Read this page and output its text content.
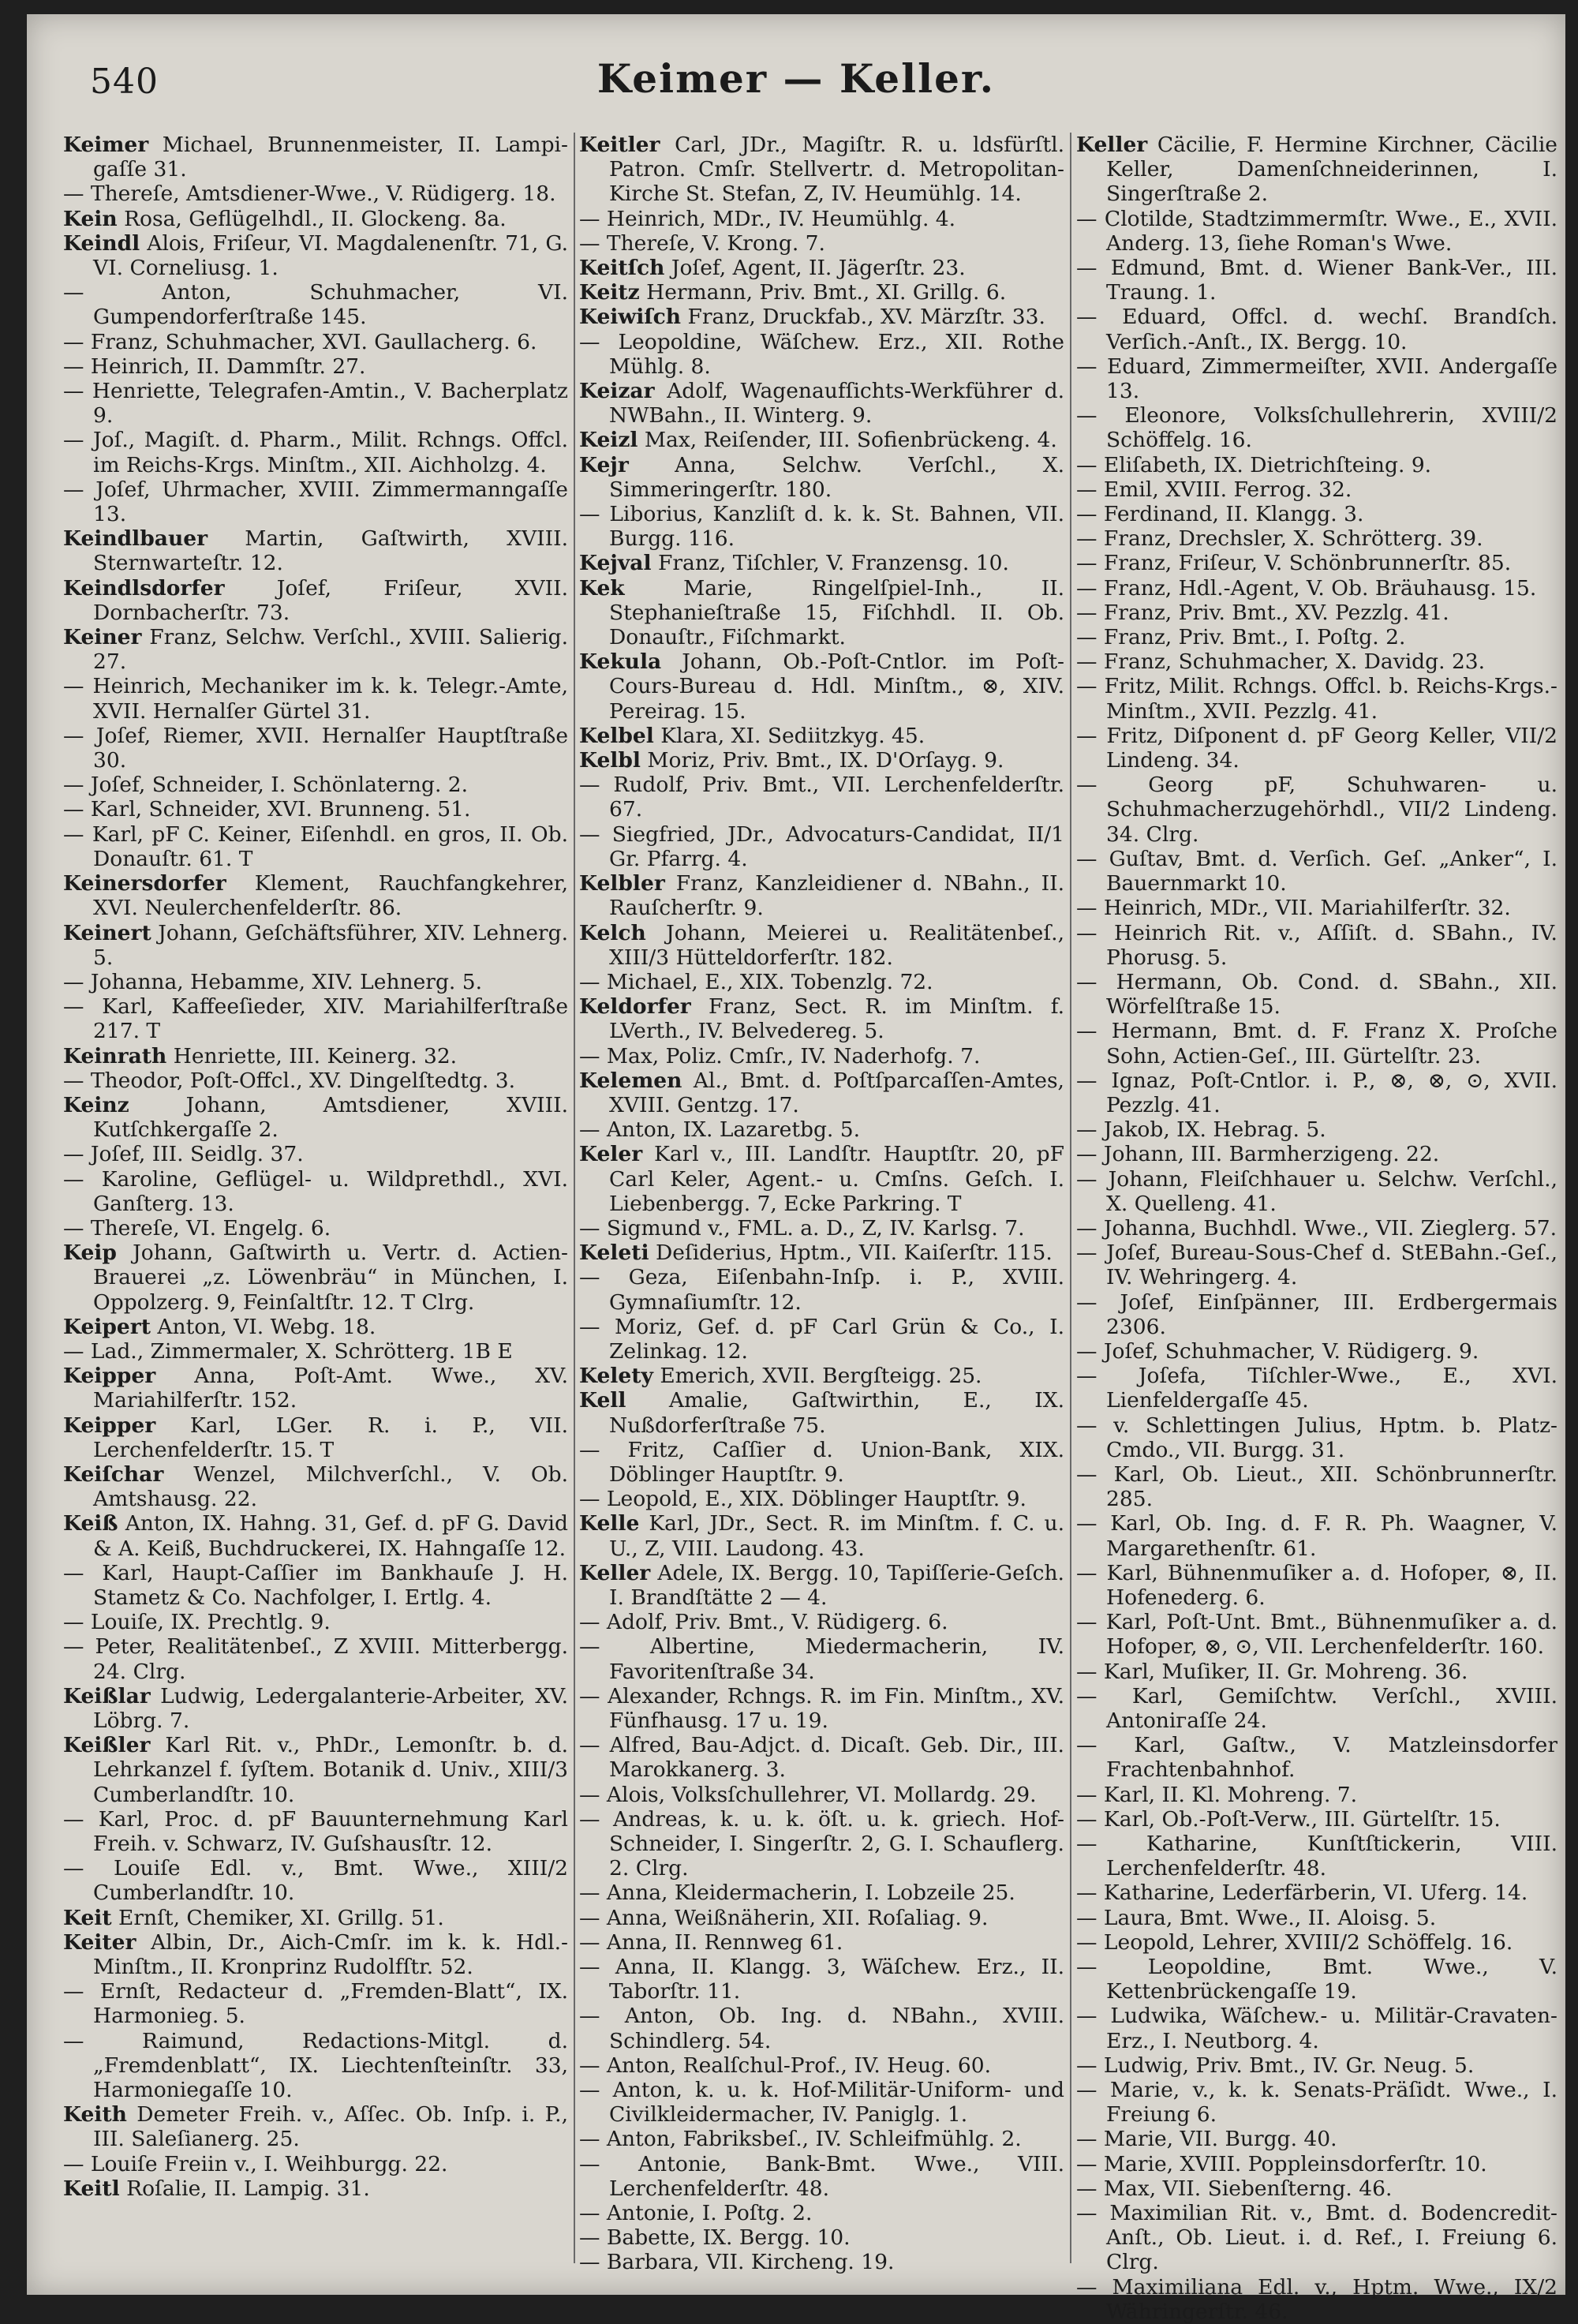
540	Keimer — Keller.

Keimer Michael, Brunnenmeister, II. Lampi-gaſſe 31.

— Thereſe, Amtsdiener-Wwe., V. Rüdigerg. 18.

Kein Rosa, Geflügelhdl., II. Glockeng. 8a.

Keindl Alois, Friſeur, VI. Magdalenenſtr. 71, G. VI. Corneliusg. 1.

— Anton, Schuhmacher, VI. Gumpendorferſtraße 145.

— Franz, Schuhmacher, XVI. Gaullacherg. 6.

— Heinrich, II. Dammſtr. 27.

— Henriette, Telegrafen-Amtin., V. Bacherplatz 9.

— Joſ., Magiſt. d. Pharm., Milit. Rchngs. Offcl. im Reichs-Krgs. Minſtm., XII. Aichholzg. 4.

— Joſef, Uhrmacher, XVIII. Zimmermanngaſſe 13.

Keindlbauer Martin, Gaſtwirth, XVIII. Sternwarteſtr. 12.

Keindlsdorfer Joſef, Friſeur, XVII. Dornbacherſtr. 73.

Keiner Franz, Selchw. Verſchl., XVIII. Salierig. 27.

— Heinrich, Mechaniker im k. k. Telegr.-Amte, XVII. Hernalſer Gürtel 31.

— Joſef, Riemer, XVII. Hernalſer Hauptſtraße 30.

— Joſef, Schneider, I. Schönlaterng. 2.

— Karl, Schneider, XVI. Brunneng. 51.

— Karl, pF C. Keiner, Eiſenhdl. en gros, II. Ob. Donauſtr. 61. T

Keinersdorfer Klement, Rauchfangkehrer, XVI. Neulerchenfelderſtr. 86.

Keinert Johann, Geſchäftsführer, XIV. Lehnerg. 5.

— Johanna, Hebamme, XIV. Lehnerg. 5.

— Karl, Kaffeeſieder, XIV. Mariahilferſtraße 217. T

Keinrath Henriette, III. Keinerg. 32.

— Theodor, Poſt-Offcl., XV. Dingelſtedtg. 3.

Keinz Johann, Amtsdiener, XVIII. Kutſchkergaſſe 2.

— Joſef, III. Seidlg. 37.

— Karoline, Geflügel- u. Wildprethdl., XVI. Ganſterg. 13.

— Thereſe, VI. Engelg. 6.

Keip Johann, Gaſtwirth u. Vertr. d. Actien-Brauerei „z. Löwenbräu“ in München, I. Oppolzerg. 9, Feinſaltſtr. 12. T Clrg.

Keipert Anton, VI. Webg. 18.

— Lad., Zimmermaler, X. Schrötterg. 1B E

Keipper Anna, Poſt-Amt. Wwe., XV. Mariahilferſtr. 152.

Keipper Karl, LGer. R. i. P., VII. Lerchenfelderſtr. 15. T

Keiſchar Wenzel, Milchverſchl., V. Ob. Amtshausg. 22.

Keiß Anton, IX. Hahng. 31, Gef. d. pF G. David & A. Keiß, Buchdruckerei, IX. Hahngaſſe 12.

— Karl, Haupt-Caſſier im Bankhauſe J. H. Stametz & Co. Nachfolger, I. Ertlg. 4.

— Louiſe, IX. Prechtlg. 9.

— Peter, Realitätenbeſ., Z XVIII. Mitterbergg. 24. Clrg.

Keißlar Ludwig, Ledergalanterie-Arbeiter, XV. Löbrg. 7.

Keißler Karl Rit. v., PhDr., Lemonſtr. b. d. Lehrkanzel f. ſyſtem. Botanik d. Univ., XIII/3 Cumberlandſtr. 10.

— Karl, Proc. d. pF Bauunternehmung Karl Freih. v. Schwarz, IV. Guſshausſtr. 12.

— Louiſe Edl. v., Bmt. Wwe., XIII/2 Cumberlandſtr. 10.

Keit Ernſt, Chemiker, XI. Grillg. 51.

Keiter Albin, Dr., Aich-Cmſr. im k. k. Hdl.-Minſtm., II. Kronprinz Rudolfſtr. 52.

— Ernſt, Redacteur d. „Fremden-Blatt“, IX. Harmonieg. 5.

— Raimund, Redactions-Mitgl. d. „Fremdenblatt“, IX. Liechtenſteinſtr. 33, Harmoniegaſſe 10.

Keith Demeter Freih. v., Aſſec. Ob. Inſp. i. P., III. Saleſianerg. 25.

— Louiſe Freiin v., I. Weihburgg. 22.

Keitl Roſalie, II. Lampig. 31.

Keitler Carl, JDr., Magiſtr. R. u. ldsfürſtl. Patron. Cmſr. Stellvertr. d. Metropolitan-Kirche St. Stefan, Z, IV. Heumühlg. 14.

— Heinrich, MDr., IV. Heumühlg. 4.

— Thereſe, V. Krong. 7.

Keitſch Joſef, Agent, II. Jägerſtr. 23.

Keitz Hermann, Priv. Bmt., XI. Grillg. 6.

Keiwiſch Franz, Druckfab., XV. Märzſtr. 33.

— Leopoldine, Wäſchew. Erz., XII. Rothe Mühlg. 8.

Keizar Adolf, Wagenaufſichts-Werkführer d. NWBahn., II. Winterg. 9.

Keizl Max, Reiſender, III. Sofienbrückeng. 4.

Kejr Anna, Selchw. Verſchl., X. Simmeringerſtr. 180.

— Liborius, Kanzliſt d. k. k. St. Bahnen, VII. Burgg. 116.

Kejval Franz, Tiſchler, V. Franzensg. 10.

Kek Marie, Ringelſpiel-Inh., II. Stephanieſtraße 15, Fiſchhdl. II. Ob. Donauſtr., Fiſchmarkt.

Kekula Johann, Ob.-Poſt-Cntlor. im Poſt-Cours-Bureau d. Hdl. Minſtm., ⊗, XIV. Pereirag. 15.

Kelbel Klara, XI. Sediitzkyg. 45.

Kelbl Moriz, Priv. Bmt., IX. D'Orſayg. 9.

— Rudolf, Priv. Bmt., VII. Lerchenfelderſtr. 67.

— Siegfried, JDr., Advocaturs-Candidat, II/1 Gr. Pfarrg. 4.

Kelbler Franz, Kanzleidiener d. NBahn., II. Rauſcherſtr. 9.

Kelch Johann, Meierei u. Realitätenbeſ., XIII/3 Hütteldorferſtr. 182.

— Michael, E., XIX. Tobenzlg. 72.

Keldorfer Franz, Sect. R. im Minſtm. f. LVerth., IV. Belvedereg. 5.

— Max, Poliz. Cmſr., IV. Naderhofg. 7.

Kelemen Al., Bmt. d. Poſtſparcaſſen-Amtes, XVIII. Gentzg. 17.

— Anton, IX. Lazaretbg. 5.

Keler Karl v., III. Landſtr. Hauptſtr. 20, pF Carl Keler, Agent.- u. Cmſns. Geſch. I. Liebenbergg. 7, Ecke Parkring. T

— Sigmund v., FML. a. D., Z, IV. Karlsg. 7.

Keleti Deſiderius, Hptm., VII. Kaiſerſtr. 115.

— Geza, Eiſenbahn-Inſp. i. P., XVIII. Gymnaſiumſtr. 12.

— Moriz, Gef. d. pF Carl Grün & Co., I. Zelinkag. 12.

Kelety Emerich, XVII. Bergſteigg. 25.

Kell Amalie, Gaſtwirthin, E., IX. Nußdorferſtraße 75.

— Fritz, Caſſier d. Union-Bank, XIX. Döblinger Hauptſtr. 9.

— Leopold, E., XIX. Döblinger Hauptſtr. 9.

Kelle Karl, JDr., Sect. R. im Minſtm. f. C. u. U., Z, VIII. Laudong. 43.

Keller Adele, IX. Bergg. 10, Tapiſſerie-Geſch. I. Brandſtätte 2 — 4.

— Adolf, Priv. Bmt., V. Rüdigerg. 6.

— Albertine, Miedermacherin, IV. Favoritenſtraße 34.

— Alexander, Rchngs. R. im Fin. Minſtm., XV. Fünfhausg. 17 u. 19.

— Alfred, Bau-Adjct. d. Dicaſt. Geb. Dir., III. Marokkanerg. 3.

— Alois, Volksſchullehrer, VI. Mollardg. 29.

— Andreas, k. u. k. öſt. u. k. griech. Hof-Schneider, I. Singerſtr. 2, G. I. Schauflerg. 2. Clrg.

— Anna, Kleidermacherin, I. Lobzeile 25.

— Anna, Weißnäherin, XII. Roſaliag. 9.

— Anna, II. Rennweg 61.

— Anna, II. Klangg. 3, Wäſchew. Erz., II. Taborſtr. 11.

— Anton, Ob. Ing. d. NBahn., XVIII. Schindlerg. 54.

— Anton, Realſchul-Prof., IV. Heug. 60.

— Anton, k. u. k. Hof-Militär-Uniform- und Civilkleidermacher, IV. Paniglg. 1.

— Anton, Fabriksbeſ., IV. Schleifmühlg. 2.

— Antonie, Bank-Bmt. Wwe., VIII. Lerchenfelderſtr. 48.

— Antonie, I. Poſtg. 2.

— Babette, IX. Bergg. 10.

— Barbara, VII. Kircheng. 19.

Keller Cäcilie, F. Hermine Kirchner, Cäcilie Keller, Damenſchneiderinnen, I. Singerſtraße 2.

— Clotilde, Stadtzimmermſtr. Wwe., E., XVII. Anderg. 13, ſiehe Roman's Wwe.

— Edmund, Bmt. d. Wiener Bank-Ver., III. Traung. 1.

— Eduard, Offcl. d. wechſ. Brandſch. Verſich.-Anſt., IX. Bergg. 10.

— Eduard, Zimmermeiſter, XVII. Andergaſſe 13.

— Eleonore, Volksſchullehrerin, XVIII/2 Schöffelg. 16.

— Eliſabeth, IX. Dietrichſteing. 9.

— Emil, XVIII. Ferrog. 32.

— Ferdinand, II. Klangg. 3.

— Franz, Drechsler, X. Schrötterg. 39.

— Franz, Friſeur, V. Schönbrunnerſtr. 85.

— Franz, Hdl.-Agent, V. Ob. Bräuhausg. 15.

— Franz, Priv. Bmt., XV. Pezzlg. 41.

— Franz, Priv. Bmt., I. Poſtg. 2.

— Franz, Schuhmacher, X. Davidg. 23.

— Fritz, Milit. Rchngs. Offcl. b. Reichs-Krgs.-Minſtm., XVII. Pezzlg. 41.

— Fritz, Diſponent d. pF Georg Keller, VII/2 Lindeng. 34.

— Georg pF, Schuhwaren- u. Schuhmacherzugehörhdl., VII/2 Lindeng. 34. Clrg.

— Guſtav, Bmt. d. Verſich. Geſ. „Anker“, I. Bauernmarkt 10.

— Heinrich, MDr., VII. Mariahilferſtr. 32.

— Heinrich Rit. v., Aſſiſt. d. SBahn., IV. Phorusg. 5.

— Hermann, Ob. Cond. d. SBahn., XII. Wörfelſtraße 15.

— Hermann, Bmt. d. F. Franz X. Proſche Sohn, Actien-Geſ., III. Gürtelſtr. 23.

— Ignaz, Poſt-Cntlor. i. P., ⊗, ⊗, ⊙, XVII. Pezzlg. 41.

— Jakob, IX. Hebrag. 5.

— Johann, III. Barmherzigeng. 22.

— Johann, Fleiſchhauer u. Selchw. Verſchl., X. Quelleng. 41.

— Johanna, Buchhdl. Wwe., VII. Zieglerg. 57.

— Joſef, Bureau-Sous-Chef d. StEBahn.-Geſ., IV. Wehringerg. 4.

— Joſef, Einſpänner, III. Erdbergermais 2306.

— Joſef, Schuhmacher, V. Rüdigerg. 9.

— Joſefa, Tiſchler-Wwe., E., XVI. Lienfeldergaſſe 45.

— v. Schlettingen Julius, Hptm. b. Platz-Cmdo., VII. Burgg. 31.

— Karl, Ob. Lieut., XII. Schönbrunnerſtr. 285.

— Karl, Ob. Ing. d. F. R. Ph. Waagner, V. Margarethenſtr. 61.

— Karl, Bühnenmuſiker a. d. Hofoper, ⊗, II. Hofenederg. 6.

— Karl, Poſt-Unt. Bmt., Bühnenmuſiker a. d. Hofoper, ⊗, ⊙, VII. Lerchenfelderſtr. 160.

— Karl, Muſiker, II. Gr. Mohreng. 36.

— Karl, Gemiſchtw. Verſchl., XVIII. Antoniгaſſe 24.

— Karl, Gaſtw., V. Matzleinsdorfer Frachtenbahnhof.

— Karl, II. Kl. Mohreng. 7.

— Karl, Ob.-Poſt-Verw., III. Gürtelſtr. 15.

— Katharine, Kunſtſtickerin, VIII. Lerchenfelderſtr. 48.

— Katharine, Lederfärberin, VI. Uferg. 14.

— Laura, Bmt. Wwe., II. Aloisg. 5.

— Leopold, Lehrer, XVIII/2 Schöffelg. 16.

— Leopoldine, Bmt. Wwe., V. Kettenbrückengaſſe 19.

— Ludwika, Wäſchew.- u. Militär-Cravaten-Erz., I. Neutborg. 4.

— Ludwig, Priv. Bmt., IV. Gr. Neug. 5.

— Marie, v., k. k. Senats-Präſidt. Wwe., I. Freiung 6.

— Marie, VII. Burgg. 40.

— Marie, XVIII. Poppleinsdorferſtr. 10.

— Max, VII. Siebenſterng. 46.

— Maximilian Rit. v., Bmt. d. Bodencredit-Anſt., Ob. Lieut. i. d. Ref., I. Freiung 6. Clrg.

— Maximiliana Edl. v., Hptm. Wwe., IX/2 Währingerſtr. 46.
